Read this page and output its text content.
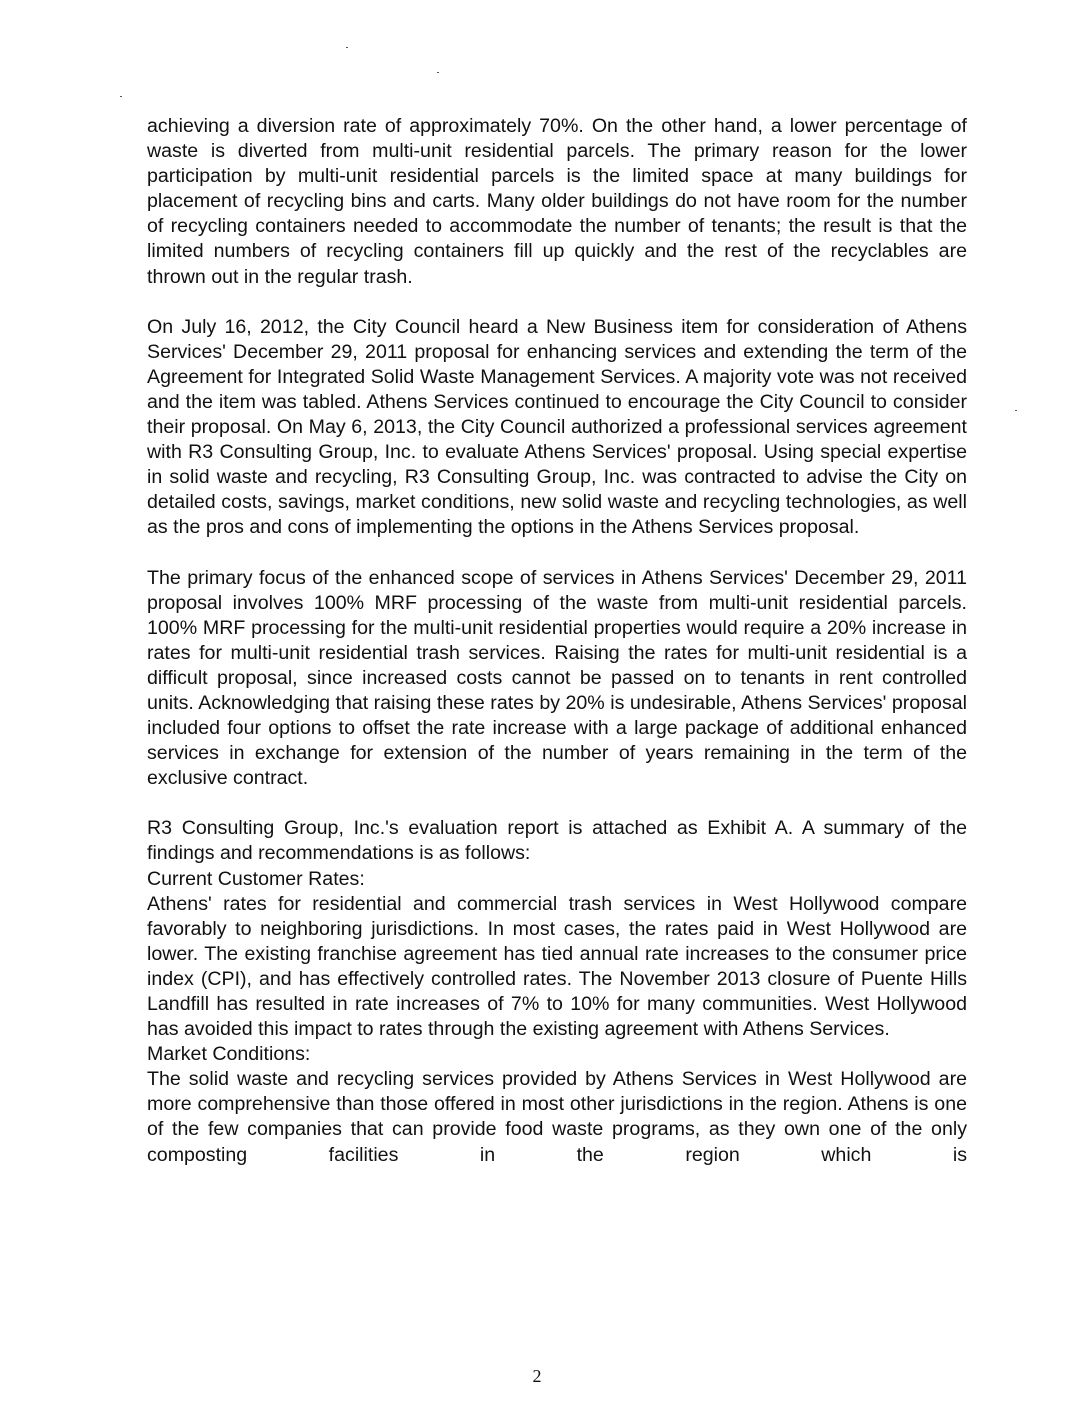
achieving a diversion rate of approximately 70%. On the other hand, a lower percentage of waste is diverted from multi-unit residential parcels. The primary reason for the lower participation by multi-unit residential parcels is the limited space at many buildings for placement of recycling bins and carts. Many older buildings do not have room for the number of recycling containers needed to accommodate the number of tenants; the result is that the limited numbers of recycling containers fill up quickly and the rest of the recyclables are thrown out in the regular trash.

On July 16, 2012, the City Council heard a New Business item for consideration of Athens Services' December 29, 2011 proposal for enhancing services and extending the term of the Agreement for Integrated Solid Waste Management Services. A majority vote was not received and the item was tabled. Athens Services continued to encourage the City Council to consider their proposal. On May 6, 2013, the City Council authorized a professional services agreement with R3 Consulting Group, Inc. to evaluate Athens Services' proposal. Using special expertise in solid waste and recycling, R3 Consulting Group, Inc. was contracted to advise the City on detailed costs, savings, market conditions, new solid waste and recycling technologies, as well as the pros and cons of implementing the options in the Athens Services proposal.

The primary focus of the enhanced scope of services in Athens Services' December 29, 2011 proposal involves 100% MRF processing of the waste from multi-unit residential parcels. 100% MRF processing for the multi-unit residential properties would require a 20% increase in rates for multi-unit residential trash services. Raising the rates for multi-unit residential is a difficult proposal, since increased costs cannot be passed on to tenants in rent controlled units. Acknowledging that raising these rates by 20% is undesirable, Athens Services' proposal included four options to offset the rate increase with a large package of additional enhanced services in exchange for extension of the number of years remaining in the term of the exclusive contract.

R3 Consulting Group, Inc.'s evaluation report is attached as Exhibit A. A summary of the findings and recommendations is as follows:

Current Customer Rates:

Athens' rates for residential and commercial trash services in West Hollywood compare favorably to neighboring jurisdictions. In most cases, the rates paid in West Hollywood are lower. The existing franchise agreement has tied annual rate increases to the consumer price index (CPI), and has effectively controlled rates. The November 2013 closure of Puente Hills Landfill has resulted in rate increases of 7% to 10% for many communities. West Hollywood has avoided this impact to rates through the existing agreement with Athens Services.

Market Conditions:

The solid waste and recycling services provided by Athens Services in West Hollywood are more comprehensive than those offered in most other jurisdictions in the region. Athens is one of the few companies that can provide food waste programs, as they own one of the only composting facilities in the region which is

2
